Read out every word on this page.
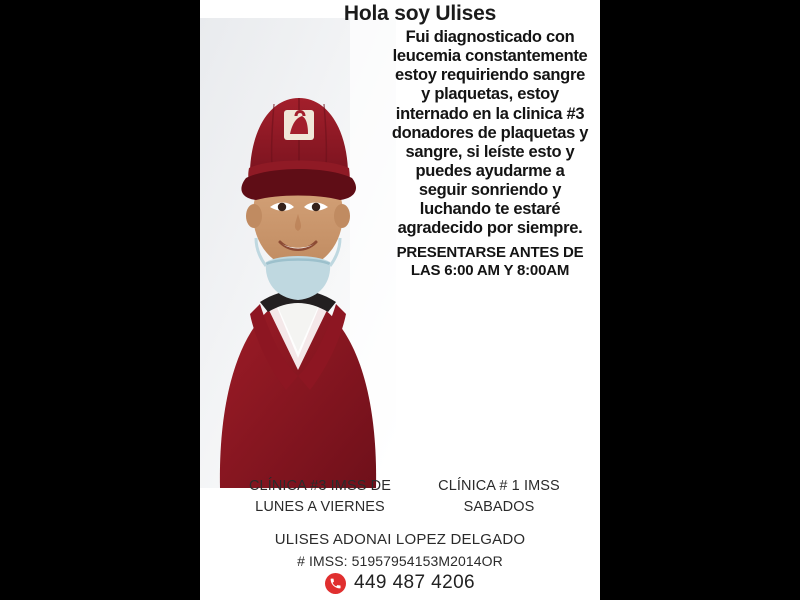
Hola soy Ulises

Fui diagnosticado con leucemia constantemente estoy requiriendo sangre y plaquetas, estoy internado en la clinica #3 donadores de plaquetas y sangre, si leíste esto y puedes ayudarme a seguir sonriendo y luchando te estaré agradecido por siempre.

PRESENTARSE ANTES DE LAS 6:00 AM Y 8:00AM
CLÍNICA #3 IMSS DE
LUNES A VIERNES
CLÍNICA # 1 IMSS
SABADOS
ULISES ADONAI LOPEZ DELGADO
# IMSS: 51957954153M2014OR
449 487 4206
